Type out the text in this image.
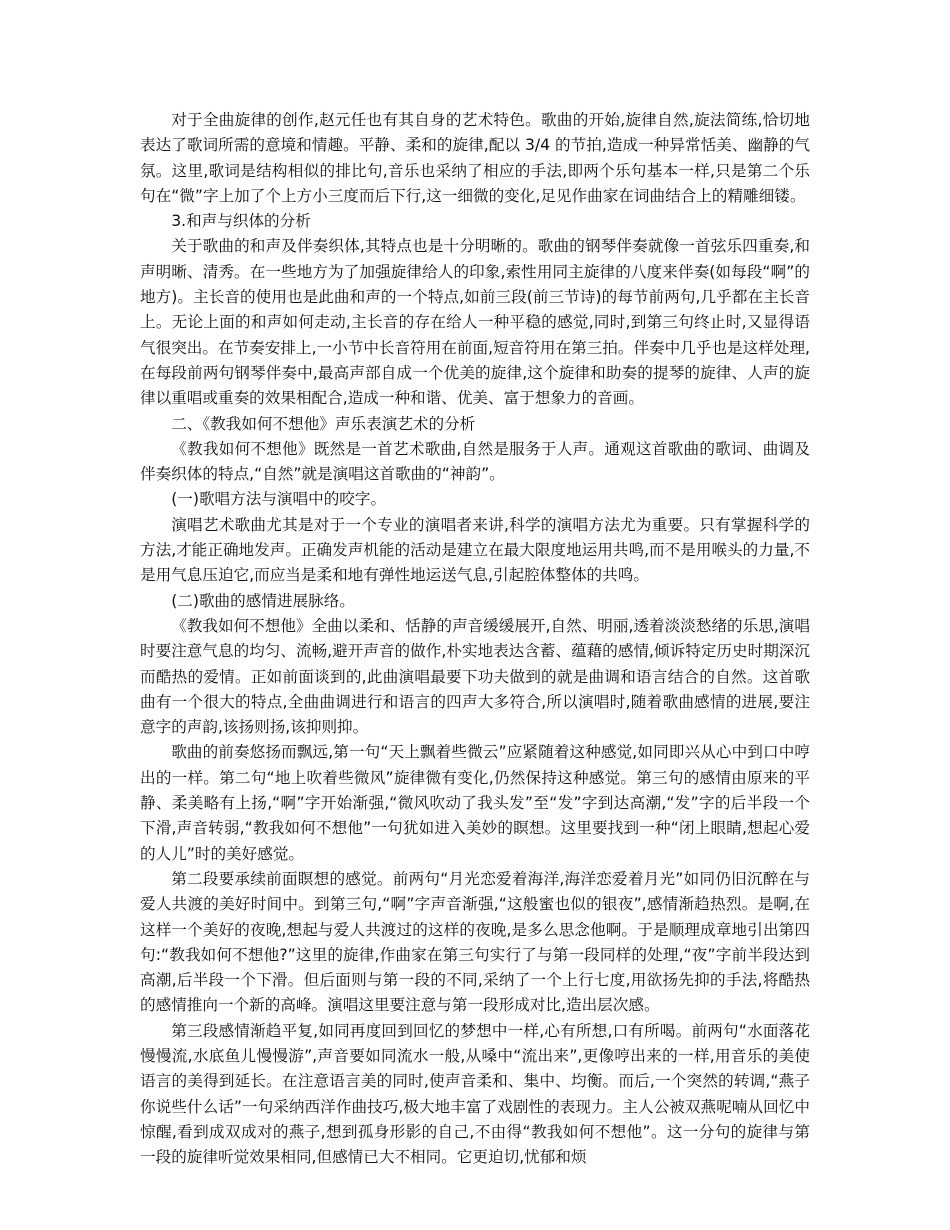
对于全曲旋律的创作,赵元任也有其自身的艺术特色。歌曲的开始,旋律自然,旋法简练,恰切地表达了歌词所需的意境和情趣。平静、柔和的旋律,配以 3/4 的节拍,造成一种异常恬美、幽静的气氛。这里,歌词是结构相似的排比句,音乐也采纳了相应的手法,即两个乐句基本一样,只是第二个乐句在“微”字上加了个上方小三度而后下行,这一细微的变化,足见作曲家在词曲结合上的精雕细镂。

3.和声与织体的分析

关于歌曲的和声及伴奏织体,其特点也是十分明晰的。歌曲的钢琴伴奏就像一首弦乐四重奏,和声明晰、清秀。在一些地方为了加强旋律给人的印象,索性用同主旋律的八度来伴奏(如每段“啊”的地方)。主长音的使用也是此曲和声的一个特点,如前三段(前三节诗)的每节前两句,几乎都在主长音上。无论上面的和声如何走动,主长音的存在给人一种平稳的感觉,同时,到第三句终止时,又显得语气很突出。在节奏安排上,一小节中长音符用在前面,短音符用在第三拍。伴奏中几乎也是这样处理,在每段前两句钢琴伴奏中,最高声部自成一个优美的旋律,这个旋律和助奏的提琴的旋律、人声的旋律以重唱或重奏的效果相配合,造成一种和谐、优美、富于想象力的音画。

二、《教我如何不想他》声乐表演艺术的分析

《教我如何不想他》既然是一首艺术歌曲,自然是服务于人声。通观这首歌曲的歌词、曲调及伴奏织体的特点,“自然”就是演唱这首歌曲的“神韵”。

(一)歌唱方法与演唱中的咬字。

演唱艺术歌曲尤其是对于一个专业的演唱者来讲,科学的演唱方法尤为重要。只有掌握科学的方法,才能正确地发声。正确发声机能的活动是建立在最大限度地运用共鸣,而不是用喉头的力量,不是用气息压迫它,而应当是柔和地有弹性地运送气息,引起腔体整体的共鸣。

(二)歌曲的感情进展脉络。

《教我如何不想他》全曲以柔和、恬静的声音缓缓展开,自然、明丽,透着淡淡愁绪的乐思,演唱时要注意气息的均匀、流畅,避开声音的做作,朴实地表达含蓄、蕴藉的感情,倾诉特定历史时期深沉而酷热的爱情。正如前面谈到的,此曲演唱最要下功夫做到的就是曲调和语言结合的自然。这首歌曲有一个很大的特点,全曲曲调进行和语言的四声大多符合,所以演唱时,随着歌曲感情的进展,要注意字的声韵,该扬则扬,该抑则抑。

歌曲的前奏悠扬而飘远,第一句“天上飘着些微云”应紧随着这种感觉,如同即兴从心中到口中哼出的一样。第二句“地上吹着些微风”旋律微有变化,仍然保持这种感觉。第三句的感情由原来的平静、柔美略有上扬,“啊”字开始渐强,“微风吹动了我头发”至“发”字到达高潮,“发”字的后半段一个下滑,声音转弱,“教我如何不想他”一句犹如进入美妙的瞑想。这里要找到一种“闭上眼睛,想起心爱的人儿”时的美好感觉。

第二段要承续前面瞑想的感觉。前两句“月光恋爱着海洋,海洋恋爱着月光”如同仍旧沉醉在与爱人共渡的美好时间中。到第三句,“啊”字声音渐强,“这般蜜也似的银夜”,感情渐趋热烈。是啊,在这样一个美好的夜晚,想起与爱人共渡过的这样的夜晚,是多么思念他啊。于是顺理成章地引出第四句:“教我如何不想他?”这里的旋律,作曲家在第三句实行了与第一段同样的处理,“夜”字前半段达到高潮,后半段一个下滑。但后面则与第一段的不同,采纳了一个上行七度,用欲扬先抑的手法,将酷热的感情推向一个新的高峰。演唱这里要注意与第一段形成对比,造出层次感。

第三段感情渐趋平复,如同再度回到回忆的梦想中一样,心有所想,口有所喝。前两句“水面落花慢慢流,水底鱼儿慢慢游”,声音要如同流水一般,从嗓中“流出来”,更像哼出来的一样,用音乐的美使语言的美得到延长。在注意语言美的同时,使声音柔和、集中、均衡。而后,一个突然的转调,“燕子你说些什么话”一句采纳西洋作曲技巧,极大地丰富了戏剧性的表现力。主人公被双燕呢喃从回忆中惊醒,看到成双成对的燕子,想到孤身形影的自己,不由得“教我如何不想他”。这一分句的旋律与第一段的旋律听觉效果相同,但感情已大不相同。它更迫切,忧郁和烦
